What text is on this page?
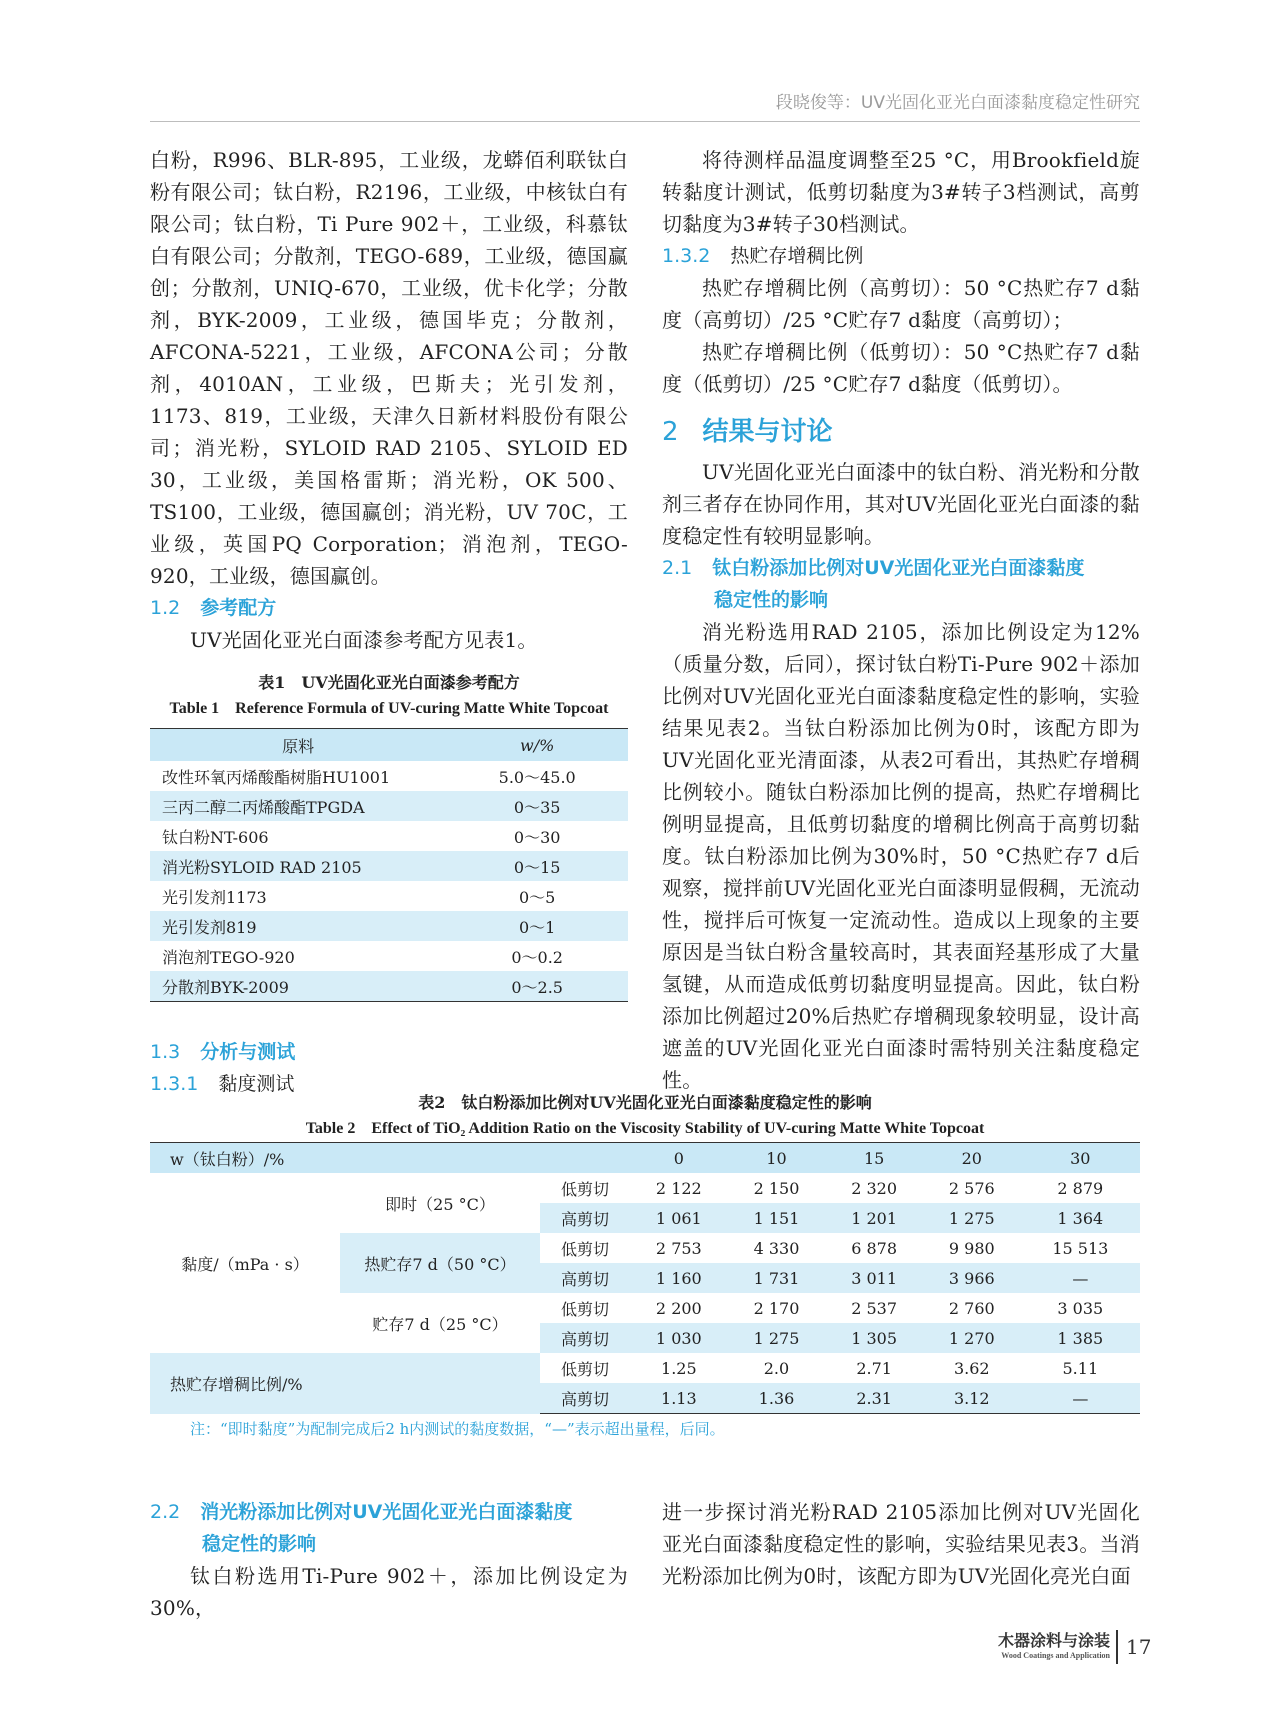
段晓俊等：UV光固化亚光白面漆黏度稳定性研究

白粉，R996、BLR-895，工业级，龙蟒佰利联钛白粉有限公司；钛白粉，R2196，工业级，中核钛白有限公司；钛白粉，Ti Pure 902＋，工业级，科慕钛白有限公司；分散剂，TEGO-689，工业级，德国赢创；分散剂，UNIQ-670，工业级，优卡化学；分散剂，BYK-2009，工业级，德国毕克；分散剂，AFCONA-5221，工业级，AFCONA公司；分散剂，4010AN，工业级，巴斯夫；光引发剂，1173、819，工业级，天津久日新材料股份有限公司；消光粉，SYLOID RAD 2105、SYLOID ED 30，工业级，美国格雷斯；消光粉，OK 500、TS100，工业级，德国赢创；消光粉，UV 70C，工业级，英国PQ Corporation；消泡剂，TEGO-920，工业级，德国赢创。

1.2 参考配方

UV光固化亚光白面漆参考配方见表1。

表1　UV光固化亚光白面漆参考配方

Table 1　Reference Formula of UV-curing Matte White Topcoat

原料	w/%
改性环氧丙烯酸酯树脂HU1001	5.0～45.0
三丙二醇二丙烯酸酯TPGDA	0～35
钛白粉NT-606	0～30
消光粉SYLOID RAD 2105	0～15
光引发剂1173	0～5
光引发剂819	0～1
消泡剂TEGO-920	0～0.2
分散剂BYK-2009	0～2.5

1.3 分析与测试

1.3.1 黏度测试

将待测样品温度调整至25 °C，用Brookfield旋转黏度计测试，低剪切黏度为3#转子3档测试，高剪切黏度为3#转子30档测试。

1.3.2 热贮存增稠比例

热贮存增稠比例（高剪切）：50 °C热贮存7 d黏度（高剪切）/25 °C贮存7 d黏度（高剪切）；

热贮存增稠比例（低剪切）：50 °C热贮存7 d黏度（低剪切）/25 °C贮存7 d黏度（低剪切）。

2 结果与讨论

UV光固化亚光白面漆中的钛白粉、消光粉和分散剂三者存在协同作用，其对UV光固化亚光白面漆的黏度稳定性有较明显影响。

2.1 钛白粉添加比例对UV光固化亚光白面漆黏度

稳定性的影响

消光粉选用RAD 2105，添加比例设定为12%（质量分数，后同），探讨钛白粉Ti-Pure 902＋添加比例对UV光固化亚光白面漆黏度稳定性的影响，实验结果见表2。当钛白粉添加比例为0时，该配方即为UV光固化亚光清面漆，从表2可看出，其热贮存增稠比例较小。随钛白粉添加比例的提高，热贮存增稠比例明显提高，且低剪切黏度的增稠比例高于高剪切黏度。钛白粉添加比例为30%时，50 °C热贮存7 d后观察，搅拌前UV光固化亚光白面漆明显假稠，无流动性，搅拌后可恢复一定流动性。造成以上现象的主要原因是当钛白粉含量较高时，其表面羟基形成了大量氢键，从而造成低剪切黏度明显提高。因此，钛白粉添加比例超过20%后热贮存增稠现象较明显，设计高遮盖的UV光固化亚光白面漆时需特别关注黏度稳定性。

表2　钛白粉添加比例对UV光固化亚光白面漆黏度稳定性的影响

Table 2　Effect of TiO₂ Addition Ratio on the Viscosity Stability of UV-curing Matte White Topcoat

w（钛白粉）/%			0	10	15	20	30
黏度/（mPa · s）	即时（25 °C）	低剪切	2 122	2 150	2 320	2 576	2 879
		高剪切	1 061	1 151	1 201	1 275	1 364
	热贮存7 d（50 °C）	低剪切	2 753	4 330	6 878	9 980	15 513
		高剪切	1 160	1 731	3 011	3 966	—
	贮存7 d（25 °C）	低剪切	2 200	2 170	2 537	2 760	3 035
		高剪切	1 030	1 275	1 305	1 270	1 385
热贮存增稠比例/%		低剪切	1.25	2.0	2.71	3.62	5.11
		高剪切	1.13	1.36	2.31	3.12	—

注：“即时黏度”为配制完成后2 h内测试的黏度数据，“—”表示超出量程，后同。

2.2 消光粉添加比例对UV光固化亚光白面漆黏度

稳定性的影响

钛白粉选用Ti-Pure 902＋，添加比例设定为30%，

进一步探讨消光粉RAD 2105添加比例对UV光固化亚光白面漆黏度稳定性的影响，实验结果见表3。当消光粉添加比例为0时，该配方即为UV光固化亮光白面

木器涂料与涂装
Wood Coatings and Application 17
